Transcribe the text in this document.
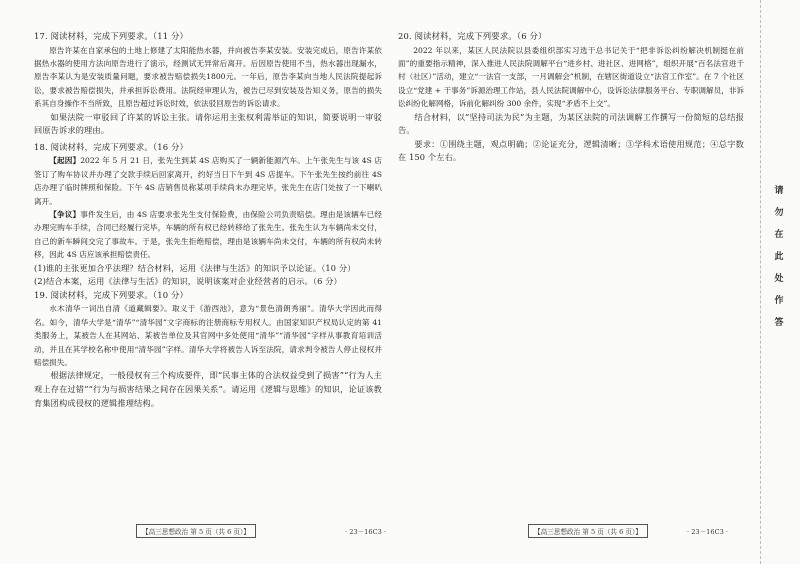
17. 阅读材料，完成下列要求。（11 分）

原告许某在自家承包的土地上修建了太阳能热水器，并向被告李某安装。安装完成后，原告许某依据热水器的使用方法向原告进行了演示，经测试无异常后离开。后因原告使用不当，热水器出现漏水，原告李某认为是安装质量问题，要求被告赔偿损失1800元。一年后，原告李某向当地人民法院提起诉讼，要求被告赔偿损失，并承担诉讼费用。法院经审理认为，被告已尽到安装及告知义务，原告的损失系其自身操作不当所致，且原告超过诉讼时效，依法驳回原告的诉讼请求。

如果法院一审驳回了许某的诉讼主张。请你运用主张权利需举证的知识，简要说明一审驳回原告诉求的理由。

18. 阅读材料，完成下列要求。（16 分）

【起因】2022 年 5 月 21 日，张先生到某 4S 店购买了一辆新能源汽车。上午张先生与该 4S 店签订了购车协议并办理了交款手续后回家离开，约好当日下午到 4S 店提车。下午张先生按约前往 4S 店办理了临时牌照和保险。下午 4S 店销售员称某项手续尚未办理完毕，张先生在店门处按了一下喇叭离开。

【争议】事件发生后，由 4S 店要求张先生支付保险费，由保险公司负责赔偿。理由是该辆车已经办理完购车手续，合同已经履行完毕，车辆的所有权已经转移给了张先生。张先生认为车辆尚未交付，自己的新车瞬间交完了事故车。于是，张先生拒绝赔偿，理由是该辆车尚未交付，车辆的所有权尚未转移，因此 4S 店应该承担赔偿责任。

(1)谁的主张更加合乎法理？结合材料，运用《法律与生活》的知识予以论证。（10 分）

(2)结合本案，运用《法律与生活》的知识，说明该案对企业经营者的启示。（6 分）

19. 阅读材料，完成下列要求。（10 分）

水木清华一词出自清《道藏辑要》。取义于《游西池》，意为“景色清朗秀丽”。清华大学因此而得名。如今，清华大学是“清华”“清华园”文字商标的注册商标专用权人。由国家知识产权局认定的第 41 类服务上，某被告人在其网站、某被告单位及其官网中多处使用“清华”“清华园”字样从事教育培训活动，并且在其学校名称中使用“清华园”字样。清华大学将被告人诉至法院，请求判令被告人停止侵权并赔偿损失。

根据法律规定，一般侵权有三个构成要件，即“民事主体的合法权益受到了损害”“行为人主观上存在过错”“行为与损害结果之间存在因果关系”。请运用《逻辑与思维》的知识，论证该教育集团构成侵权的逻辑推理结构。

20. 阅读材料，完成下列要求。（6 分）

2022 年以来，某区人民法院以县委组织部实习选干总书记关于“把非诉讼纠纷解决机制挺在前面”的重要指示精神，深入推进人民法院调解平台“进乡村、进社区、进网格”，组织开展“百名法官进千村（社区）”活动，建立“一法官一支部，一月调解会”机制，在辖区街道设立“法官工作室”。在 7 个社区设立“党建 + 干事务”诉源治理工作站，县人民法院调解中心，设诉讼法律服务平台、专职调解员，非诉讼纠纷化解网格，诉前化解纠纷 300 余件，实现“矛盾不上交”。

结合材料，以“坚持司法为民”为主题，为某区法院的司法调解工作撰写一份简短的总结报告。

要求：①围绕主题，观点明确；②论证充分，逻辑清晰；③学科术语使用规范；④总字数在 150 个左右。

【高三思想政治 第 5 页（共 6 页）】	· 23－16C3 ·	【高三思想政治 第 5 页（共 6 页）】	· 23－16C3 ·
请勿在此处作答
